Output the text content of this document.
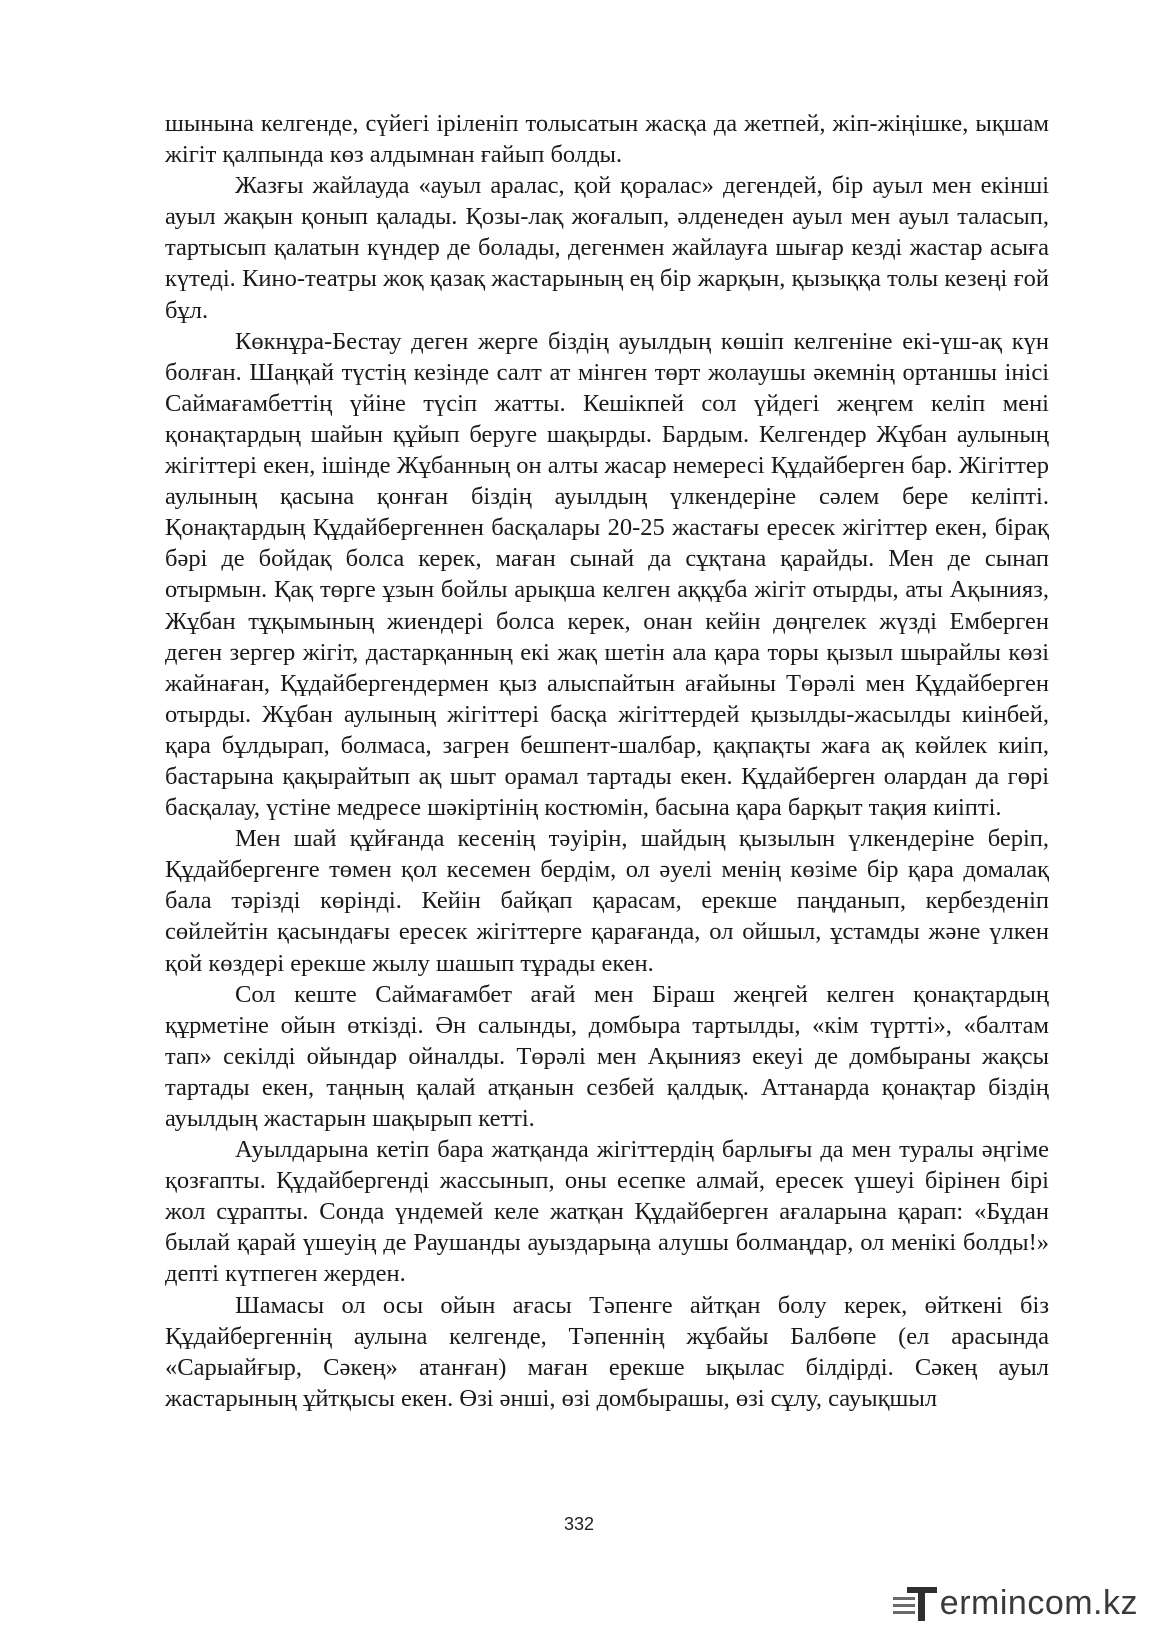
шынына келгенде, сүйегі іріленіп толысатын жасқа да жетпей, жіп-жіңішке, ықшам жігіт қалпында көз алдымнан ғайып болды.

Жазғы жайлауда «ауыл аралас, қой қоралас» дегендей, бір ауыл мен екінші ауыл жақын қонып қалады. Қозы-лақ жоғалып, әлденеден ауыл мен ауыл таласып, тартысып қалатын күндер де болады, дегенмен жайлауға шығар кезді жастар асыға күтеді. Кино-театры жоқ қазақ жастарының ең бір жарқын, қызыққа толы кезеңі ғой бұл.

Көкнұра-Бестау деген жерге біздің ауылдың көшіп келгеніне екі-үш-ақ күн болған. Шаңқай түстің кезінде салт ат мінген төрт жолаушы әкемнің ортаншы інісі Саймағамбеттің үйіне түсіп жатты. Кешікпей сол үйдегі жеңгем келіп мені қонақтардың шайын құйып беруге шақырды. Бардым. Келгендер Жұбан аулының жігіттері екен, ішінде Жұбанның он алты жасар немересі Құдайберген бар. Жігіттер аулының қасына қонған біздің ауылдың үлкендеріне сәлем бере келіпті. Қонақтардың Құдайбергеннен басқалары 20-25 жастағы ересек жігіттер екен, бірақ бәрі де бойдақ болса керек, маған сынай да сұқтана қарайды. Мен де сынап отырмын. Қақ төрге ұзын бойлы арықша келген аққұба жігіт отырды, аты Ақынияз, Жұбан тұқымының жиендері болса керек, онан кейін дөңгелек жүзді Емберген деген зергер жігіт, дастарқанның екі жақ шетін ала қара торы қызыл шырайлы көзі жайнаған, Құдайбергендермен қыз алыспайтын ағайыны Төрәлі мен Құдайберген отырды. Жұбан аулының жігіттері басқа жігіттердей қызылды-жасылды киінбей, қара бұлдырап, болмаса, загрен бешпент-шалбар, қақпақты жаға ақ көйлек киіп, бастарына қақырайтып ақ шыт орамал тартады екен. Құдайберген олардан да гөрі басқалау, үстіне медресе шәкіртінің костюмін, басына қара барқыт тақия киіпті.

Мен шай құйғанда кесенің тәуірін, шайдың қызылын үлкендеріне беріп, Құдайбергенге төмен қол кесемен бердім, ол әуелі менің көзіме бір қара домалақ бала тәрізді көрінді. Кейін байқап қарасам, ерекше паңданып, кербезденіп сөйлейтін қасындағы ересек жігіттерге қарағанда, ол ойшыл, ұстамды және үлкен қой көздері ерекше жылу шашып тұрады екен.

Сол кеште Саймағамбет ағай мен Біраш жеңгей келген қонақтардың құрметіне ойын өткізді. Ән салынды, домбыра тартылды, «кім түртті», «балтам тап» секілді ойындар ойналды. Төрәлі мен Ақынияз екеуі де домбыраны жақсы тартады екен, таңның қалай атқанын сезбей қалдық. Аттанарда қонақтар біздің ауылдың жастарын шақырып кетті.

Ауылдарына кетіп бара жатқанда жігіттердің барлығы да мен туралы әңгіме қозғапты. Құдайбергенді жассынып, оны есепке алмай, ересек үшеуі бірінен бірі жол сұрапты. Сонда үндемей келе жатқан Құдайберген ағаларына қарап: «Бұдан былай қарай үшеуің де Раушанды ауыздарыңа алушы болмаңдар, ол менікі болды!» депті күтпеген жерден.

Шамасы ол осы ойын ағасы Тәпенге айтқан болу керек, өйткені біз Құдайбергеннің аулына келгенде, Тәпеннің жұбайы Балбөпе (ел арасында «Сарыайғыр, Сәкең» атанған) маған ерекше ықылас білдірді. Сәкең ауыл жастарының ұйтқысы екен. Өзі әнші, өзі домбырашы, өзі сұлу, сауықшыл

332
ermincom.kz
